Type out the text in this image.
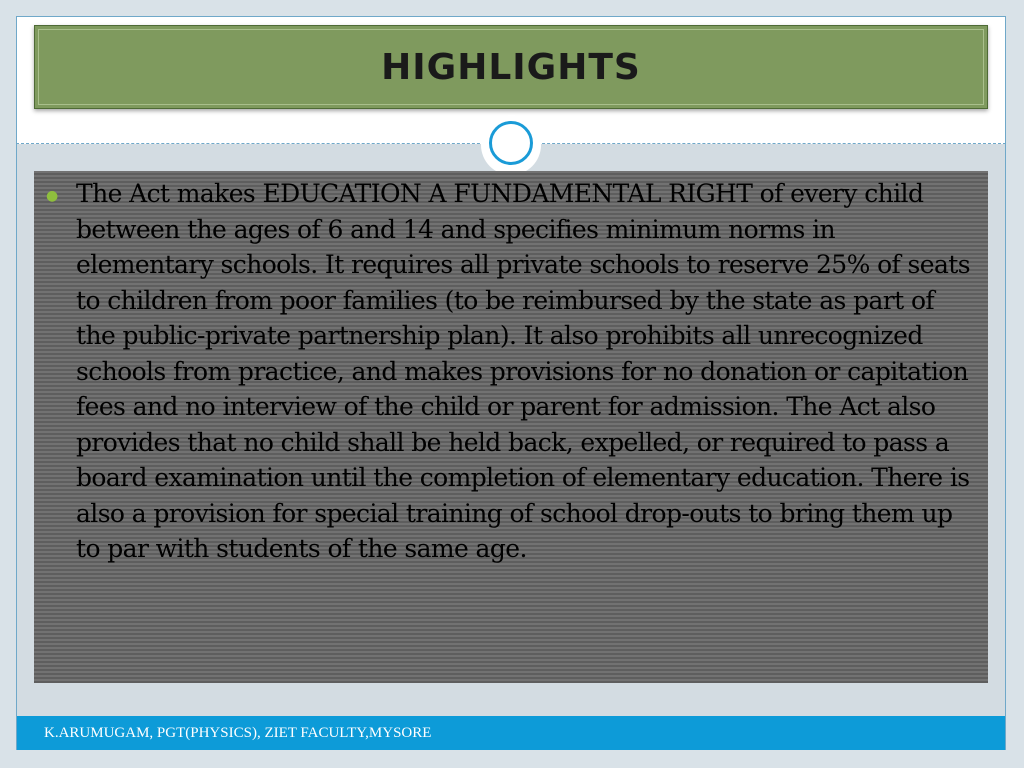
HIGHLIGHTS
● The Act makes EDUCATION A FUNDAMENTAL RIGHT of every child between the ages of 6 and 14 and specifies minimum norms in elementary schools. It requires all private schools to reserve 25% of seats to children from poor families (to be reimbursed by the state as part of the public-private partnership plan). It also prohibits all unrecognized schools from practice, and makes provisions for no donation or capitation fees and no interview of the child or parent for admission. The Act also provides that no child shall be held back, expelled, or required to pass a board examination until the completion of elementary education. There is also a provision for special training of school drop-outs to bring them up to par with students of the same age.

K.ARUMUGAM, PGT(PHYSICS), ZIET FACULTY,MYSORE
